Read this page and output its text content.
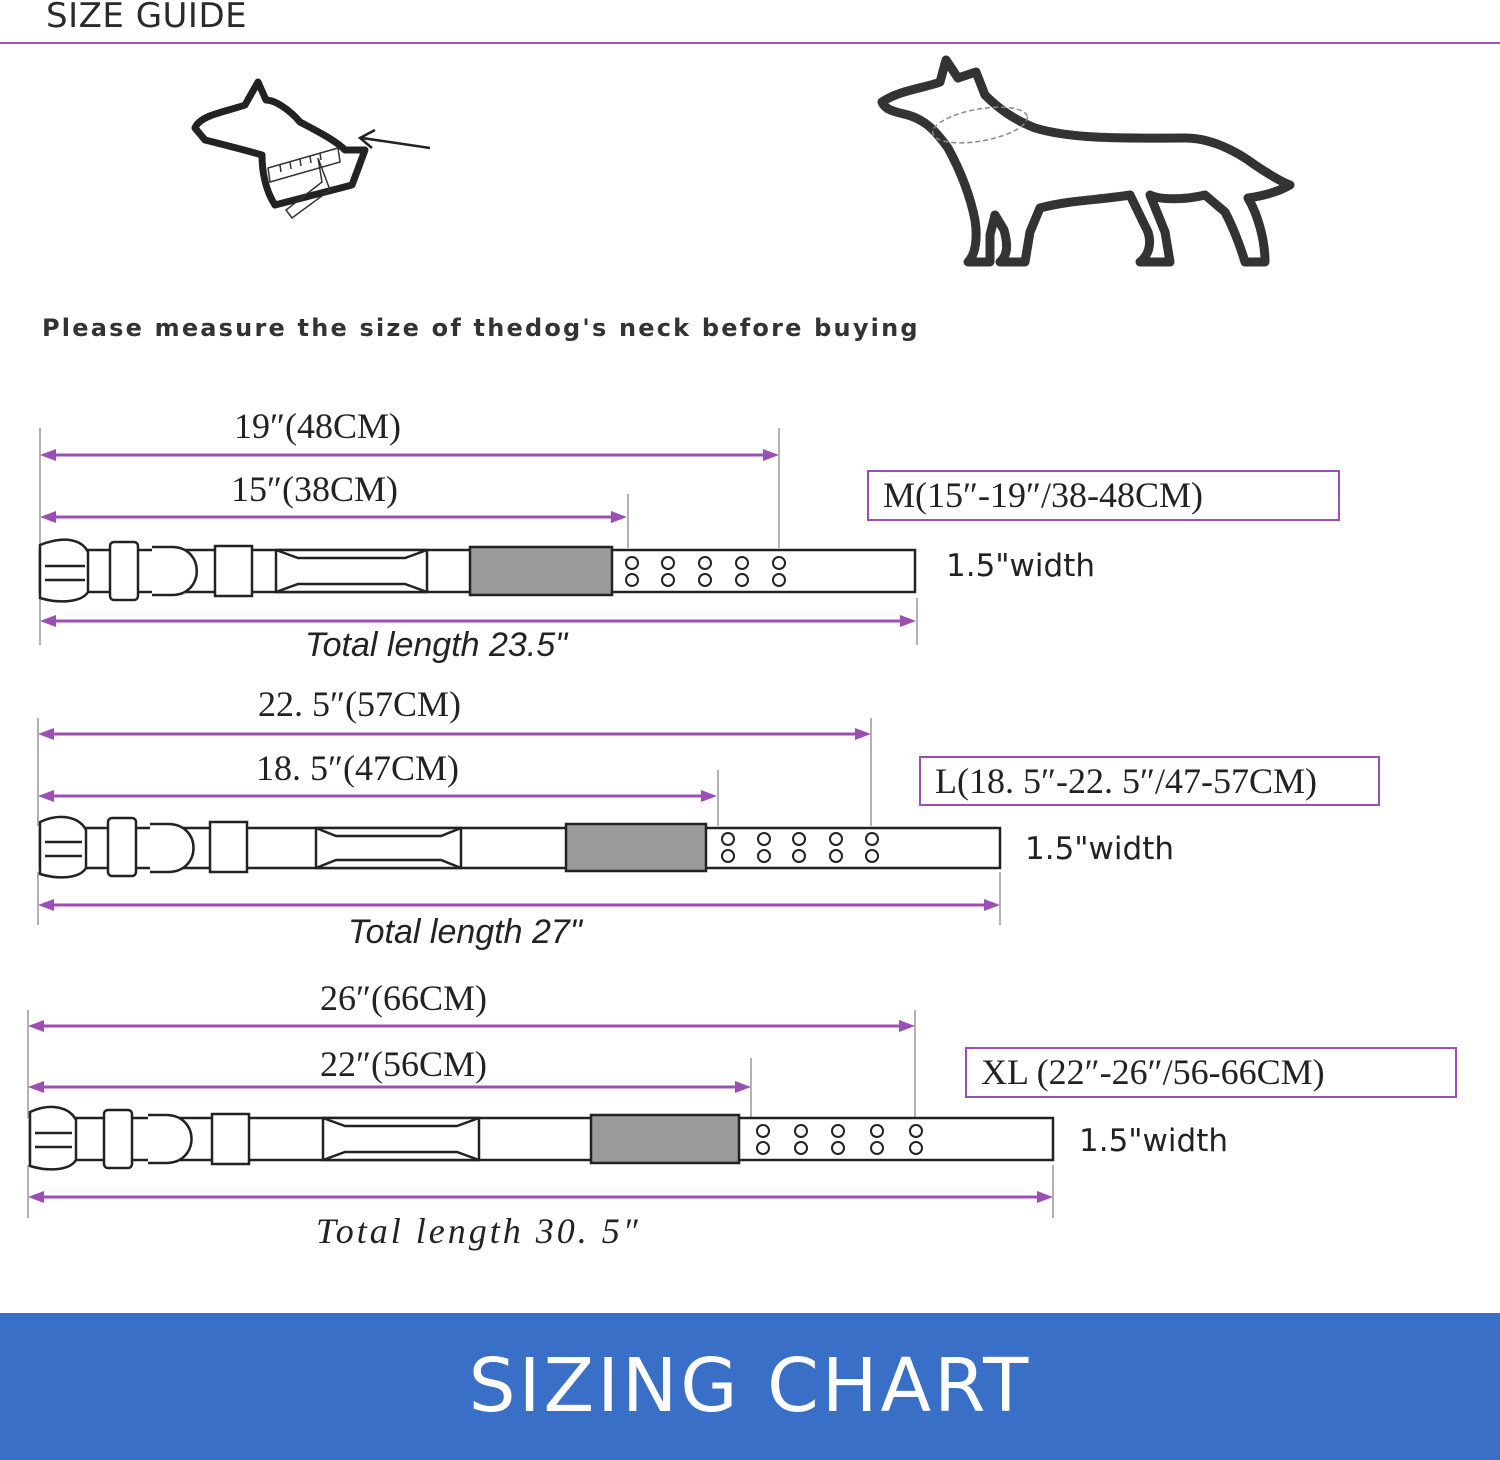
SIZE GUIDE
Please measure the size of thedog's neck before buying
19″(48CM)
15″(38CM)	M(15″-19″/38-48CM)
1.5"width
Total length 23.5"
22. 5″(57CM)
18. 5″(47CM)	L(18. 5″-22. 5″/47-57CM)
1.5"width
Total length 27"
26″(66CM)
22″(56CM)	XL (22″-26″/56-66CM)
1.5"width
Total length 30. 5″
SIZING CHART
